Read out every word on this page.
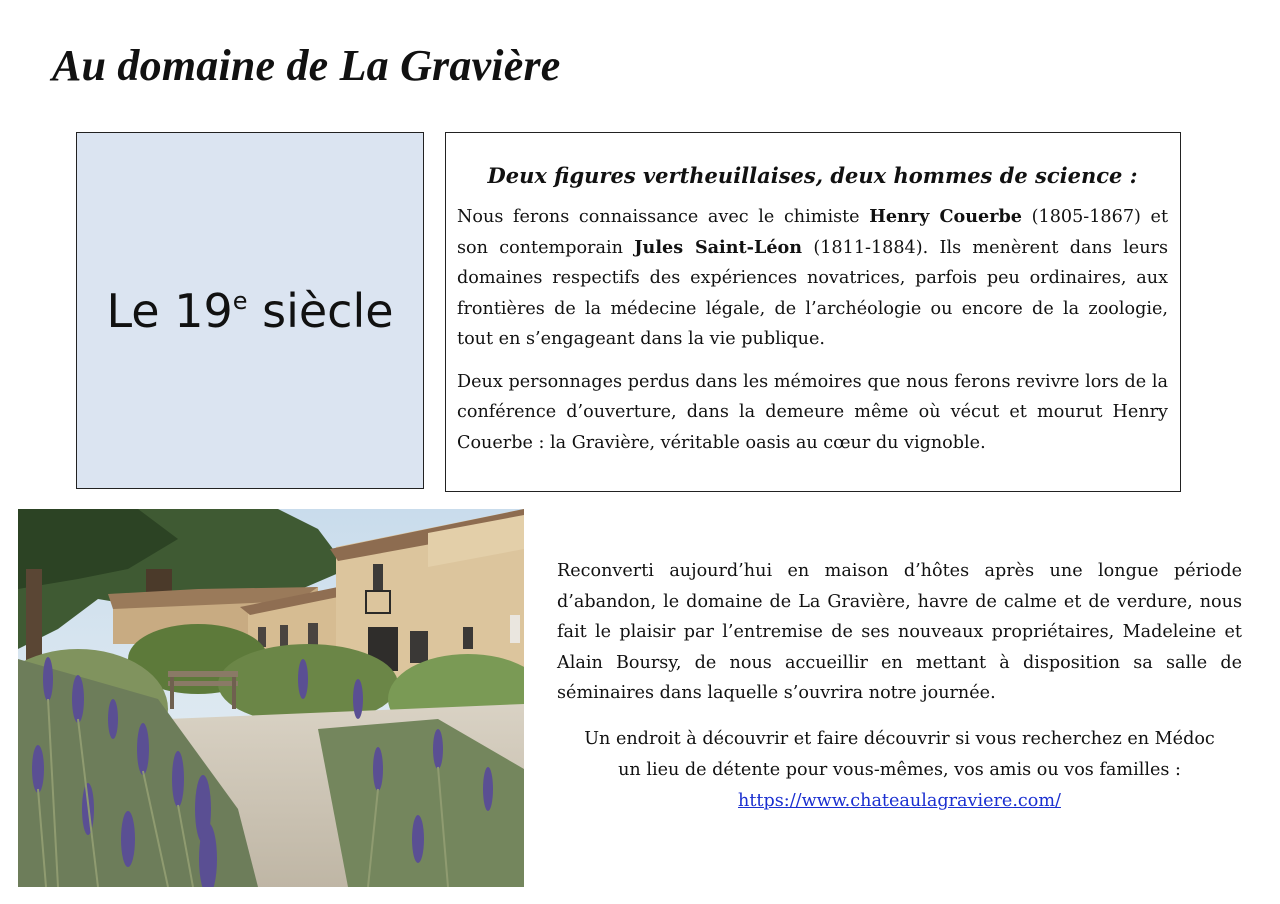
Au domaine de La Gravière
Le 19e siècle

Deux figures vertheuillaises, deux hommes de science :

Nous ferons connaissance avec le chimiste Henry Couerbe (1805-1867) et son contemporain Jules Saint-Léon (1811-1884). Ils menèrent dans leurs domaines respectifs des expériences novatrices, parfois peu ordinaires, aux frontières de la médecine légale, de l’archéologie ou encore de la zoologie, tout en s’engageant dans la vie publique.

Deux personnages perdus dans les mémoires que nous ferons revivre lors de la conférence d’ouverture, dans la demeure même où vécut et mourut Henry Couerbe : la Gravière, véritable oasis au cœur du vignoble.

Reconverti aujourd’hui en maison d’hôtes après une longue période d’abandon, le domaine de La Gravière, havre de calme et de verdure, nous fait le plaisir par l’entremise de ses nouveaux propriétaires, Madeleine et Alain Boursy, de nous accueillir en mettant à disposition sa salle de séminaires dans laquelle s’ouvrira notre journée.

Un endroit à découvrir et faire découvrir si vous recherchez en Médoc
un lieu de détente pour vous-mêmes, vos amis ou vos familles :
https://www.chateaulagraviere.com/
